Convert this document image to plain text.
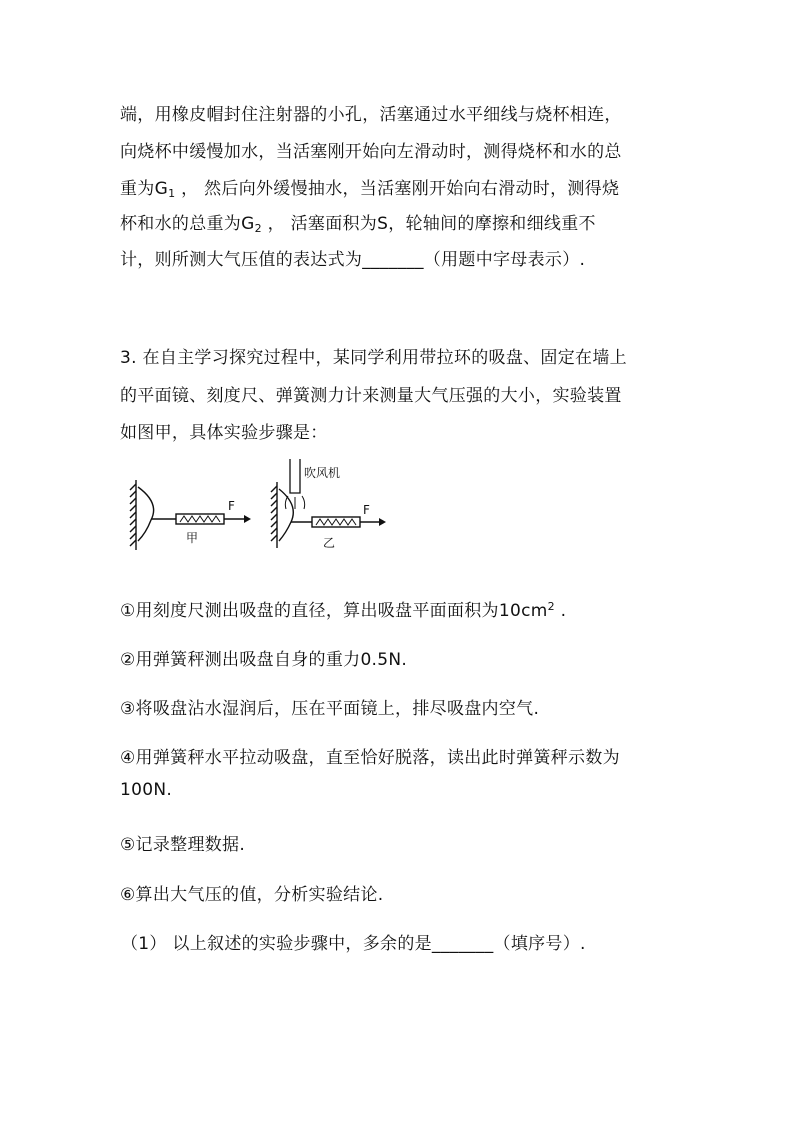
端，用橡皮帽封住注射器的小孔，活塞通过水平细线与烧杯相连，
向烧杯中缓慢加水，当活塞刚开始向左滑动时，测得烧杯和水的总
重为$G_1$ ， 然后向外缓慢抽水，当活塞刚开始向右滑动时，测得烧
杯和水的总重为$G_2$ ， 活塞面积为S，轮轴间的摩擦和细线重不
计，则所测大气压值的表达式为_______（用题中字母表示）.
3. 在自主学习探究过程中，某同学利用带拉环的吸盘、固定在墙上
的平面镜、刻度尺、弹簧测力计来测量大气压强的大小，实验装置
如图甲，具体实验步骤是：
F
甲
吹风机
F
乙
①用刻度尺测出吸盘的直径，算出吸盘平面面积为$10cm^2$ .
②用弹簧秤测出吸盘自身的重力0.5N.
③将吸盘沾水湿润后，压在平面镜上，排尽吸盘内空气.
④用弹簧秤水平拉动吸盘，直至恰好脱落，读出此时弹簧秤示数为
100N.
⑤记录整理数据.
⑥算出大气压的值，分析实验结论.
（1） 以上叙述的实验步骤中，多余的是_______（填序号）.
